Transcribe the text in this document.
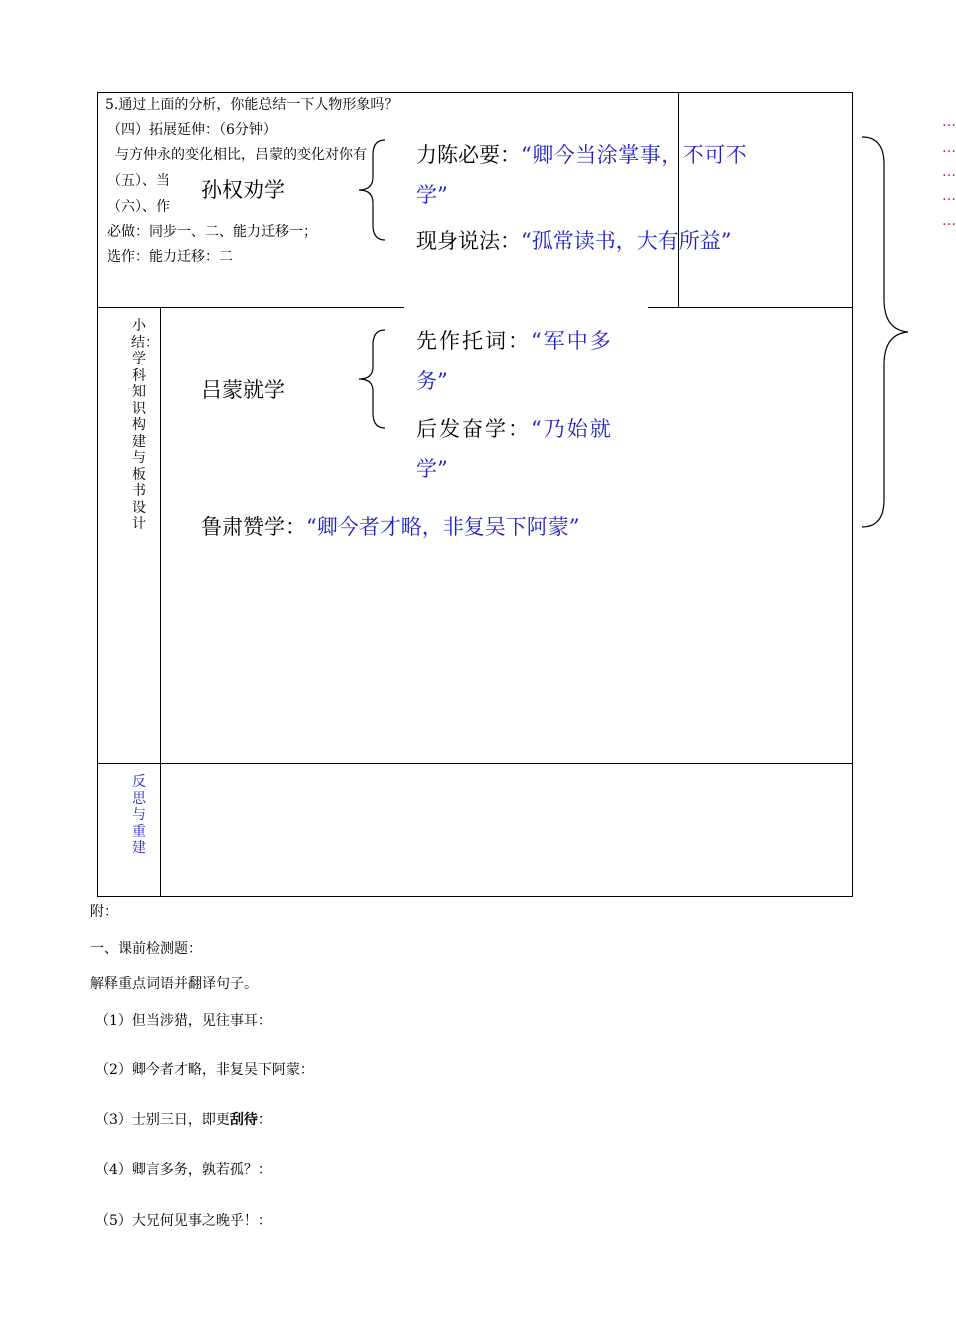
5.通过上面的分析，你能总结一下人物形象吗？
（四）拓展延伸：（6分钟）
与方仲永的变化相比，吕蒙的变化对你有
（五）、当
（六）、作
必做：同步一、二、能力迁移一；
选作：能力迁移：二
小结：学科知识构建与板书设计
反思与重建
孙权劝学
力陈必要：“卿今当涂掌事，不可不
学”
现身说法：“孤常读书，大有所益”
吕蒙就学
先作托词：“军中多
务”
后发奋学：“乃始就
学”
鲁肃赞学：“卿今者才略，非复吴下阿蒙”
…
…
…
…
…
附：
一、课前检测题：
解释重点词语并翻译句子。
（1）但当涉猎，见往事耳：
（2）卿今者才略，非复吴下阿蒙：
（3）士别三日，即更刮待：
（4）卿言多务，孰若孤？：
（5）大兄何见事之晚乎！：
